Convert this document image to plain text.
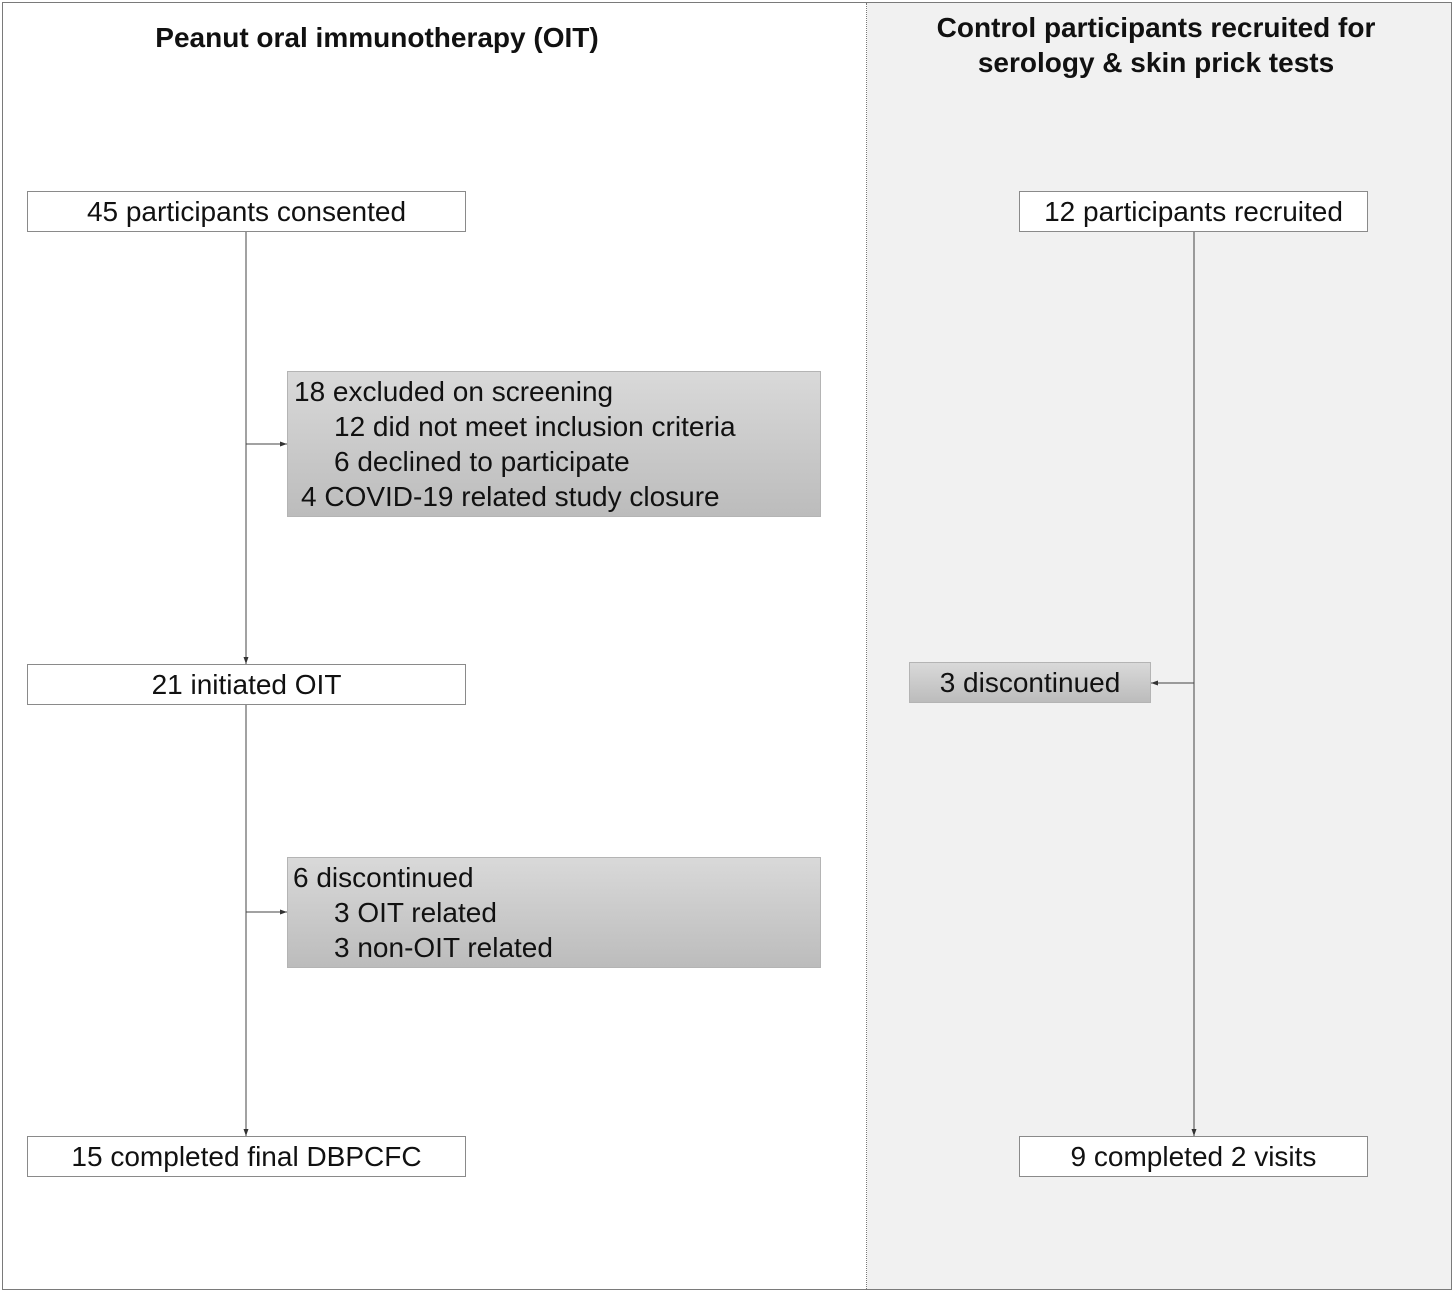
Peanut oral immunotherapy (OIT)	Control participants recruited for
serology & skin prick tests
45 participants consented
18 excluded on screening
12 did not meet inclusion criteria
6 declined to participate
4 COVID-19 related study closure
21 initiated OIT
6 discontinued
3 OIT related
3 non-OIT related
15 completed final DBPCFC
12 participants recruited
3 discontinued
9 completed 2 visits
